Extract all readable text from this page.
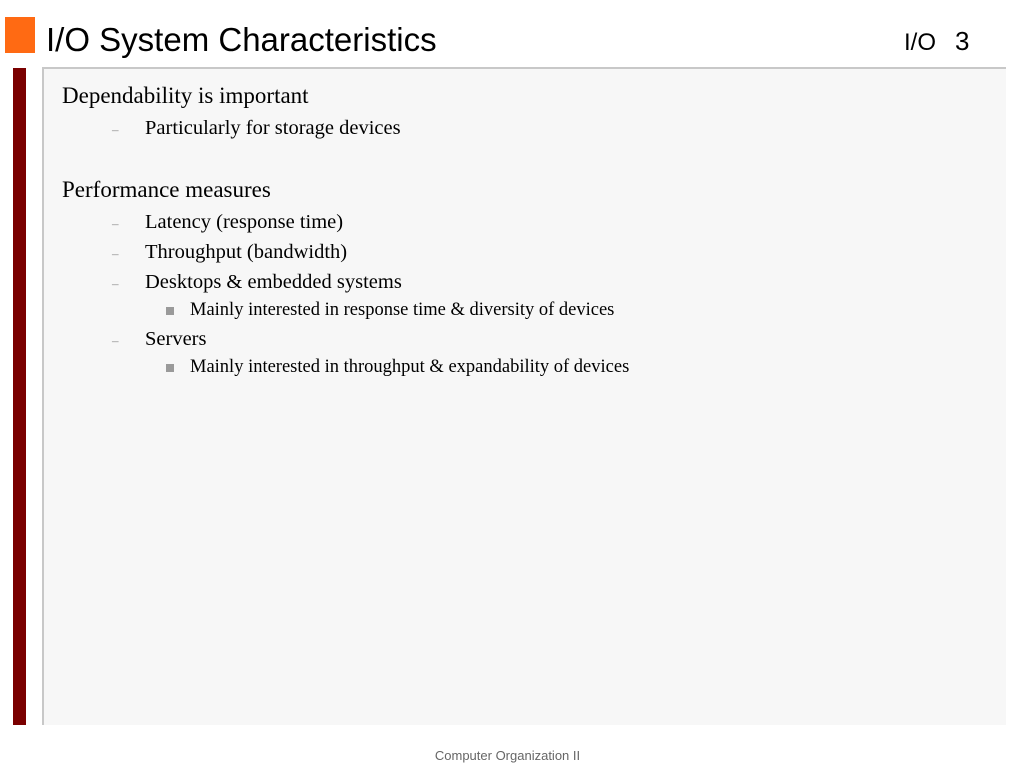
I/O System Characteristics	I/O 3
Dependability is important
– Particularly for storage devices
Performance measures
– Latency (response time)
– Throughput (bandwidth)
– Desktops & embedded systems
Mainly interested in response time & diversity of devices
– Servers
Mainly interested in throughput & expandability of devices
Computer Organization II
